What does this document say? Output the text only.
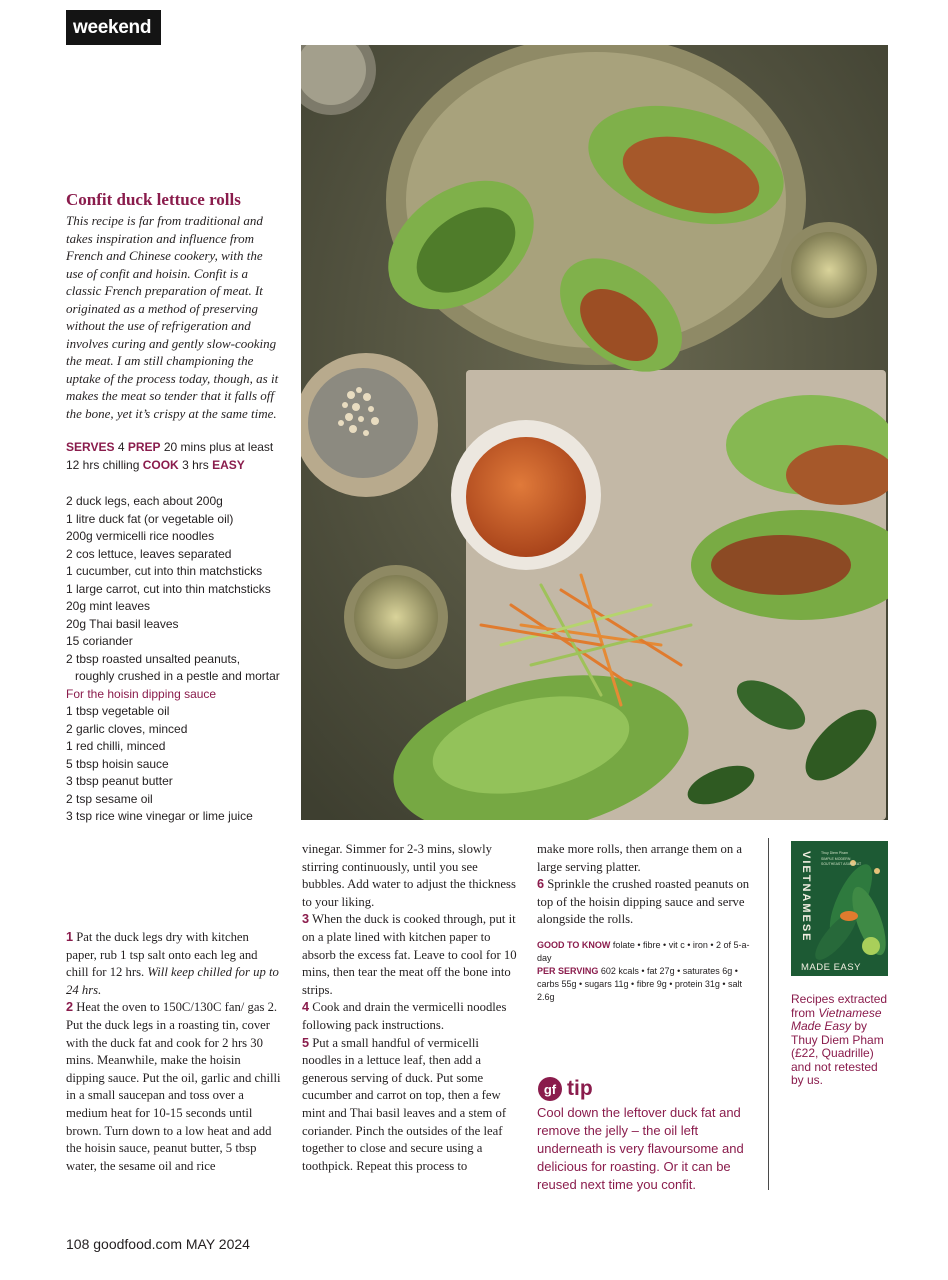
weekend
Confit duck lettuce rolls

This recipe is far from traditional and takes inspiration and influence from French and Chinese cookery, with the use of confit and hoisin. Confit is a classic French preparation of meat. It originated as a method of preserving without the use of refrigeration and involves curing and gently slow-cooking the meat. I am still championing the uptake of the process today, though, as it makes the meat so tender that it falls off the bone, yet it’s crispy at the same time.

SERVES 4 PREP 20 mins plus at least 12 hrs chilling COOK 3 hrs EASY

2 duck legs, each about 200g
1 litre duck fat (or vegetable oil)
200g vermicelli rice noodles
2 cos lettuce, leaves separated
1 cucumber, cut into thin matchsticks
1 large carrot, cut into thin matchsticks
20g mint leaves
20g Thai basil leaves
15 coriander
2 tbsp roasted unsalted peanuts, roughly crushed in a pestle and mortar
For the hoisin dipping sauce
1 tbsp vegetable oil
2 garlic cloves, minced
1 red chilli, minced
5 tbsp hoisin sauce
3 tbsp peanut butter
2 tsp sesame oil
3 tsp rice wine vinegar or lime juice

1 Pat the duck legs dry with kitchen paper, rub 1 tsp salt onto each leg and chill for 12 hrs. Will keep chilled for up to 24 hrs.

2 Heat the oven to 150C/130C fan/ gas 2. Put the duck legs in a roasting tin, cover with the duck fat and cook for 2 hrs 30 mins. Meanwhile, make the hoisin dipping sauce. Put the oil, garlic and chilli in a small saucepan and toss over a medium heat for 10-15 seconds until brown. Turn down to a low heat and add the hoisin sauce, peanut butter, 5 tbsp water, the sesame oil and rice

vinegar. Simmer for 2-3 mins, slowly stirring continuously, until you see bubbles. Add water to adjust the thickness to your liking.

3 When the duck is cooked through, put it on a plate lined with kitchen paper to absorb the excess fat. Leave to cool for 10 mins, then tear the meat off the bone into strips.

4 Cook and drain the vermicelli noodles following pack instructions.

5 Put a small handful of vermicelli noodles in a lettuce leaf, then add a generous serving of duck. Put some cucumber and carrot on top, then a few mint and Thai basil leaves and a stem of coriander. Pinch the outsides of the leaf together to close and secure using a toothpick. Repeat this process to

make more rolls, then arrange them on a large serving platter.

6 Sprinkle the crushed roasted peanuts on top of the hoisin dipping sauce and serve alongside the rolls.

GOOD TO KNOW folate • fibre • vit c • iron • 2 of 5-a-day
PER SERVING 602 kcals • fat 27g • saturates 6g • carbs 55g • sugars 11g • fibre 9g • protein 31g • salt 2.6g
gf tip
Cool down the leftover duck fat and remove the jelly – the oil left underneath is very flavoursome and delicious for roasting. Or it can be reused next time you confit.
Thuy Diem Pham
SIMPLE MODERN
SOUTHEAST ASIAN EAT
VIETNAMESE
MADE EASY
Recipes extracted from Vietnamese Made Easy by Thuy Diem Pham (£22, Quadrille) and not retested by us.
108 goodfood.com MAY 2024
